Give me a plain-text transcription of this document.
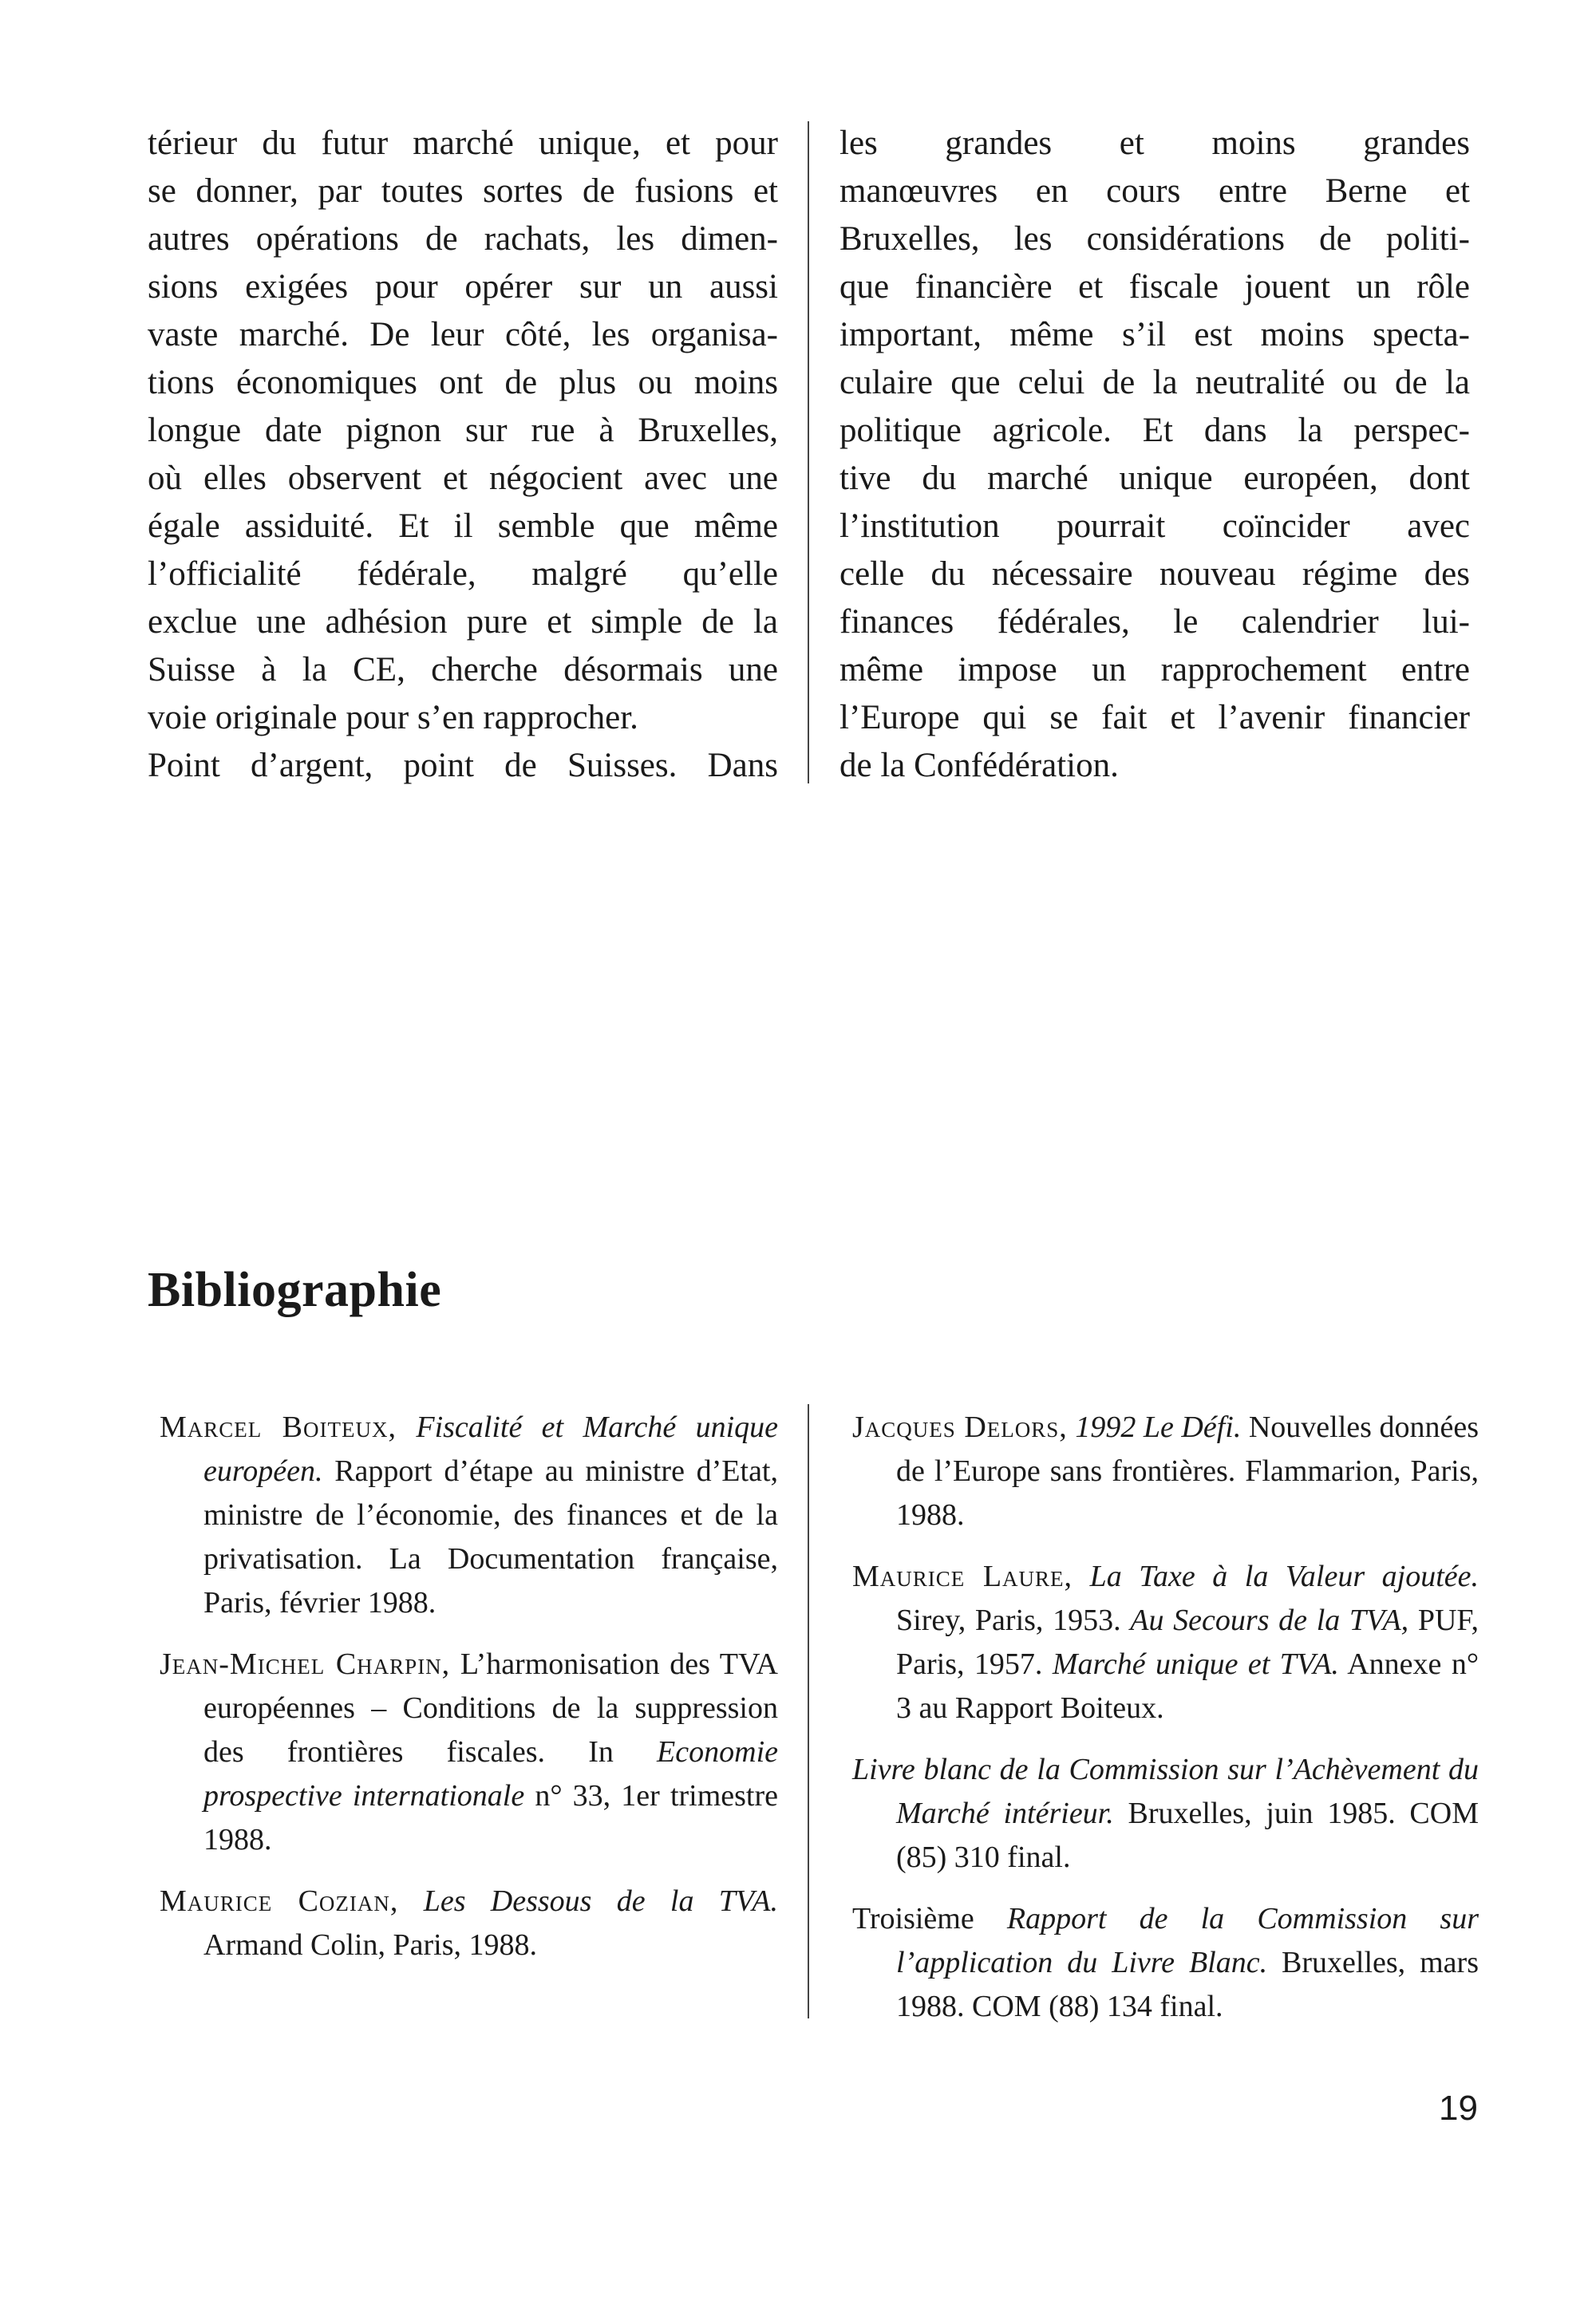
térieur du futur marché unique, et pour
se donner, par toutes sortes de fusions et
autres opérations de rachats, les dimen-
sions exigées pour opérer sur un aussi
vaste marché. De leur côté, les organisa-
tions économiques ont de plus ou moins
longue date pignon sur rue à Bruxelles,
où elles observent et négocient avec une
égale assiduité. Et il semble que même
l’officialité fédérale, malgré qu’elle
exclue une adhésion pure et simple de la
Suisse à la CE, cherche désormais une
voie originale pour s’en rapprocher.
Point d’argent, point de Suisses. Dans
les grandes et moins grandes
manœuvres en cours entre Berne et
Bruxelles, les considérations de politi-
que financière et fiscale jouent un rôle
important, même s’il est moins specta-
culaire que celui de la neutralité ou de la
politique agricole. Et dans la perspec-
tive du marché unique européen, dont
l’institution pourrait coïncider avec
celle du nécessaire nouveau régime des
finances fédérales, le calendrier lui-
même impose un rapprochement entre
l’Europe qui se fait et l’avenir financier
de la Confédération.
Bibliographie
Marcel Boiteux, Fiscalité et Marché unique européen. Rapport d’étape au ministre d’Etat, ministre de l’économie, des finances et de la privatisation. La Documentation française, Paris, février 1988.
Jean-Michel Charpin, L’harmonisation des TVA européennes – Conditions de la suppression des frontières fiscales. In Economie prospective internationale n° 33, 1er trimestre 1988.
Maurice Cozian, Les Dessous de la TVA. Armand Colin, Paris, 1988.
Jacques Delors, 1992 Le Défi. Nouvelles données de l’Europe sans frontières. Flammarion, Paris, 1988.
Maurice Laure, La Taxe à la Valeur ajoutée. Sirey, Paris, 1953. Au Secours de la TVA, PUF, Paris, 1957. Marché unique et TVA. Annexe n° 3 au Rapport Boiteux.
Livre blanc de la Commission sur l’Achèvement du Marché intérieur. Bruxelles, juin 1985. COM (85) 310 final.
Troisième Rapport de la Commission sur l’application du Livre Blanc. Bruxelles, mars 1988. COM (88) 134 final.
19
